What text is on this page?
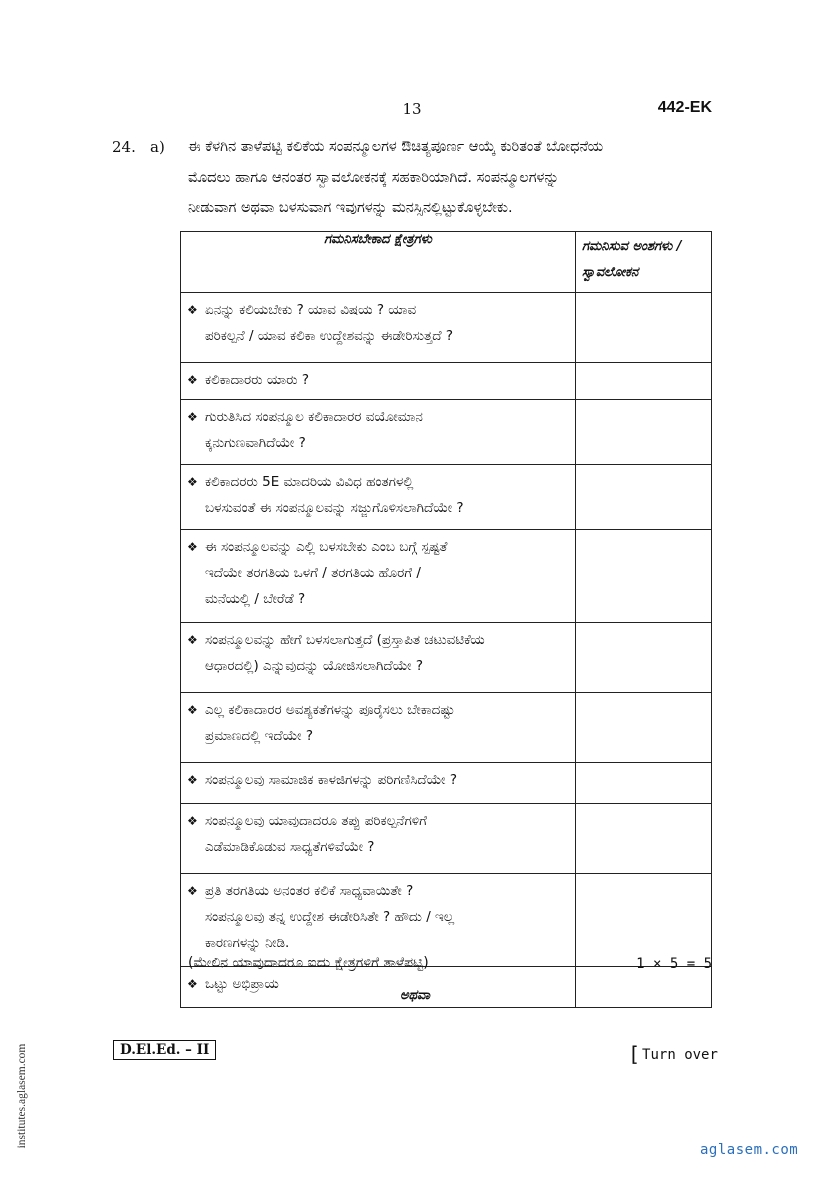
13	442-EK
24. a) ಈ ಕೆಳಗಿನ ತಾಳೆಪಟ್ಟಿ ಕಲಿಕೆಯ ಸಂಪನ್ಮೂಲಗಳ ಔಚಿತ್ಯಪೂರ್ಣ ಆಯ್ಕೆ ಕುರಿತಂತೆ ಬೋಧನೆಯ
ಮೊದಲು ಹಾಗೂ ಆನಂತರ ಸ್ವಾವಲೋಕನಕ್ಕೆ ಸಹಕಾರಿಯಾಗಿದೆ. ಸಂಪನ್ಮೂಲಗಳನ್ನು
ನೀಡುವಾಗ ಅಥವಾ ಬಳಸುವಾಗ ಇವುಗಳನ್ನು ಮನಸ್ಸಿನಲ್ಲಿಟ್ಟುಕೊಳ್ಳಬೇಕು.
ಗಮನಿಸಬೇಕಾದ ಕ್ಷೇತ್ರಗಳು	ಗಮನಿಸುವ ಅಂಶಗಳು / ಸ್ವಾವಲೋಕನ
❖ ಏನನ್ನು ಕಲಿಯಬೇಕು ? ಯಾವ ವಿಷಯ ? ಯಾವ
ಪರಿಕಲ್ಪನೆ / ಯಾವ ಕಲಿಕಾ ಉದ್ದೇಶವನ್ನು ಈಡೇರಿಸುತ್ತದೆ ?	
❖ ಕಲಿಕಾದಾರರು ಯಾರು ?	
❖ ಗುರುತಿಸಿದ ಸಂಪನ್ಮೂಲ ಕಲಿಕಾದಾರರ ವಯೋಮಾನ
ಕ್ಕನುಗುಣವಾಗಿದೆಯೇ ?	
❖ ಕಲಿಕಾದರರು 5E ಮಾದರಿಯ ವಿವಿಧ ಹಂತಗಳಲ್ಲಿ
ಬಳಸುವಂತೆ ಈ ಸಂಪನ್ಮೂಲವನ್ನು ಸಜ್ಜುಗೊಳಿಸಲಾಗಿದೆಯೇ ?	
❖ ಈ ಸಂಪನ್ಮೂಲವನ್ನು ಎಲ್ಲಿ ಬಳಸಬೇಕು ಎಂಬ ಬಗ್ಗೆ ಸ್ಪಷ್ಟತೆ
ಇದೆಯೇ ತರಗತಿಯ ಒಳಗೆ / ತರಗತಿಯ ಹೊರಗೆ /
ಮನೆಯಲ್ಲಿ / ಬೇರೆಡೆ ?	
❖ ಸಂಪನ್ಮೂಲವನ್ನು ಹೇಗೆ ಬಳಸಲಾಗುತ್ತದೆ (ಪ್ರಸ್ತಾಪಿತ ಚಟುವಟಿಕೆಯ
ಆಧಾರದಲ್ಲಿ) ಎನ್ನುವುದನ್ನು ಯೋಜಿಸಲಾಗಿದೆಯೇ ?	
❖ ಎಲ್ಲ ಕಲಿಕಾದಾರರ ಅವಶ್ಯಕತೆಗಳನ್ನು ಪೂರೈಸಲು ಬೇಕಾದಷ್ಟು
ಪ್ರಮಾಣದಲ್ಲಿ ಇದೆಯೇ ?	
❖ ಸಂಪನ್ಮೂಲವು ಸಾಮಾಜಿಕ ಕಾಳಜಿಗಳನ್ನು ಪರಿಗಣಿಸಿದೆಯೇ ?	
❖ ಸಂಪನ್ಮೂಲವು ಯಾವುದಾದರೂ ತಪ್ಪು ಪರಿಕಲ್ಪನೆಗಳಿಗೆ
ಎಡೆಮಾಡಿಕೊಡುವ ಸಾಧ್ಯತೆಗಳಿವೆಯೇ ?	
❖ ಪ್ರತಿ ತರಗತಿಯ ಅನಂತರ ಕಲಿಕೆ ಸಾಧ್ಯವಾಯಿತೇ ?
ಸಂಪನ್ಮೂಲವು ತನ್ನ ಉದ್ದೇಶ ಈಡೇರಿಸಿತೇ ? ಹೌದು / ಇಲ್ಲ
ಕಾರಣಗಳನ್ನು ನೀಡಿ.	
❖ ಒಟ್ಟು ಅಭಿಪ್ರಾಯ	
(ಮೇಲಿನ ಯಾವುದಾದರೂ ಐದು ಕ್ಷೇತ್ರಗಳಿಗೆ ತಾಳೆಪಟ್ಟಿ)	1 × 5 = 5
ಅಥವಾ
D.El.Ed. – II	[ Turn over
institutes.aglasem.com
aglasem.com
